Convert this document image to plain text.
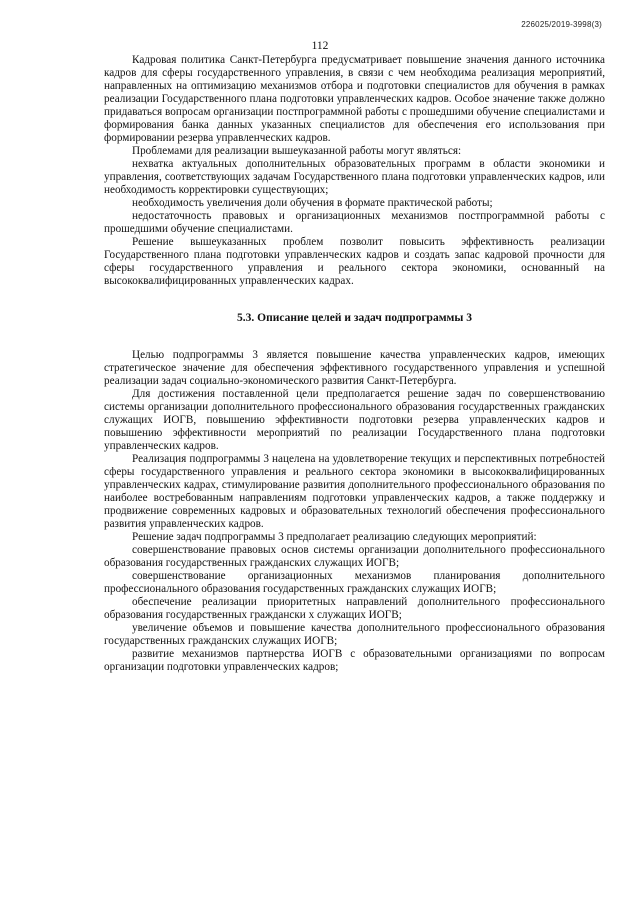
226025/2019-3998(3)
112

Кадровая политика Санкт-Петербурга предусматривает повышение значения данного источника кадров для сферы государственного управления, в связи с чем необходима реализация мероприятий, направленных на оптимизацию механизмов отбора и подготовки специалистов для обучения в рамках реализации Государственного плана подготовки управленческих кадров. Особое значение также должно придаваться вопросам организации постпрограммной работы с прошедшими обучение специалистами и формирования банка данных указанных специалистов для обеспечения его использования при формировании резерва управленческих кадров.

Проблемами для реализации вышеуказанной работы могут являться:

нехватка актуальных дополнительных образовательных программ в области экономики и управления, соответствующих задачам Государственного плана подготовки управленческих кадров, или необходимость корректировки существующих;

необходимость увеличения доли обучения в формате практической работы;

недостаточность правовых и организационных механизмов постпрограммной работы с прошедшими обучение специалистами.

Решение вышеуказанных проблем позволит повысить эффективность реализации Государственного плана подготовки управленческих кадров и создать запас кадровой прочности для сферы государственного управления и реального сектора экономики, основанный на высококвалифицированных управленческих кадрах.

5.3. Описание целей и задач подпрограммы 3

Целью подпрограммы 3 является повышение качества управленческих кадров, имеющих стратегическое значение для обеспечения эффективного государственного управления и успешной реализации задач социально-экономического развития Санкт-Петербурга.

Для достижения поставленной цели предполагается решение задач по совершенствованию системы организации дополнительного профессионального образования государственных гражданских служащих ИОГВ, повышению эффективности подготовки резерва управленческих кадров и повышению эффективности мероприятий по реализации Государственного плана подготовки управленческих кадров.

Реализация подпрограммы 3 нацелена на удовлетворение текущих и перспективных потребностей сферы государственного управления и реального сектора экономики в высококвалифицированных управленческих кадрах, стимулирование развития дополнительного профессионального образования по наиболее востребованным направлениям подготовки управленческих кадров, а также поддержку и продвижение современных кадровых и образовательных технологий обеспечения профессионального развития управленческих кадров.

Решение задач подпрограммы 3 предполагает реализацию следующих мероприятий:

совершенствование правовых основ системы организации дополнительного профессионального образования государственных гражданских служащих ИОГВ;

совершенствование организационных механизмов планирования дополнительного профессионального образования государственных гражданских служащих ИОГВ;

обеспечение реализации приоритетных направлений дополнительного профессионального образования государственных граждански х служащих ИОГВ;

увеличение объемов и повышение качества дополнительного профессионального образования государственных гражданских служащих ИОГВ;

развитие механизмов партнерства ИОГВ с образовательными организациями по вопросам организации подготовки управленческих кадров;
